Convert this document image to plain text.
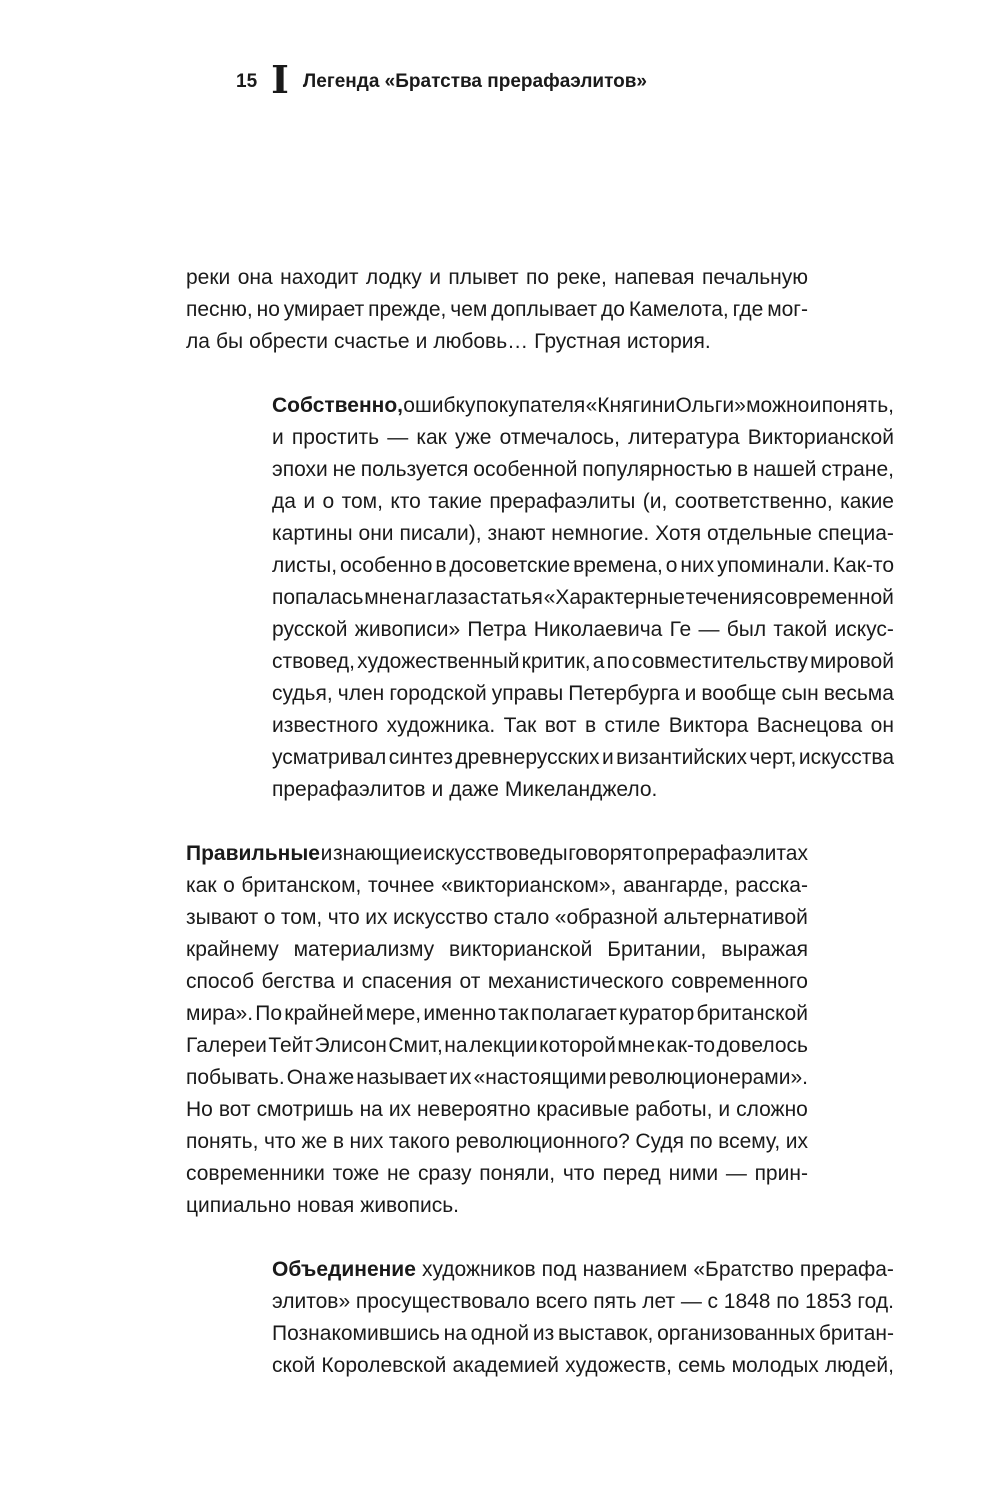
15 I Легенда «Братства прерафаэлитов»
реки она находит лодку и плывет по реке, напевая печальную
песню, но умирает прежде, чем доплывает до Камелота, где мог-
ла бы обрести счастье и любовь… Грустная история.
Собственно, ошибку покупателя «Княгини Ольги» можно и понять,
и простить — как уже отмечалось, литература Викторианской
эпохи не пользуется особенной популярностью в нашей стране,
да и о том, кто такие прерафаэлиты (и, соответственно, какие
картины они писали), знают немногие. Хотя отдельные специа-
листы, особенно в досоветские времена, о них упоминали. Как-то
попалась мне на глаза статья «Характерные течения современной
русской живописи» Петра Николаевича Ге — был такой искус-
ствовед, художественный критик, а по совместительству мировой
судья, член городской управы Петербурга и вообще сын весьма
известного художника. Так вот в стиле Виктора Васнецова он
усматривал синтез древнерусских и византийских черт, искусства
прерафаэлитов и даже Микеланджело.
Правильные и знающие искусствоведы говорят о прерафаэлитах
как о британском, точнее «викторианском», авангарде, расска-
зывают о том, что их искусство стало «образной альтернативой
крайнему материализму викторианской Британии, выражая
способ бегства и спасения от механистического современного
мира». По крайней мере, именно так полагает куратор британской
Галереи Тейт Элисон Смит, на лекции которой мне как-то довелось
побывать. Она же называет их «настоящими революционерами».
Но вот смотришь на их невероятно красивые работы, и сложно
понять, что же в них такого революционного? Судя по всему, их
современники тоже не сразу поняли, что перед ними — прин-
ципиально новая живопись.
Объединение художников под названием «Братство прерафа-
элитов» просуществовало всего пять лет — с 1848 по 1853 год.
Познакомившись на одной из выставок, организованных британ-
ской Королевской академией художеств, семь молодых людей,
